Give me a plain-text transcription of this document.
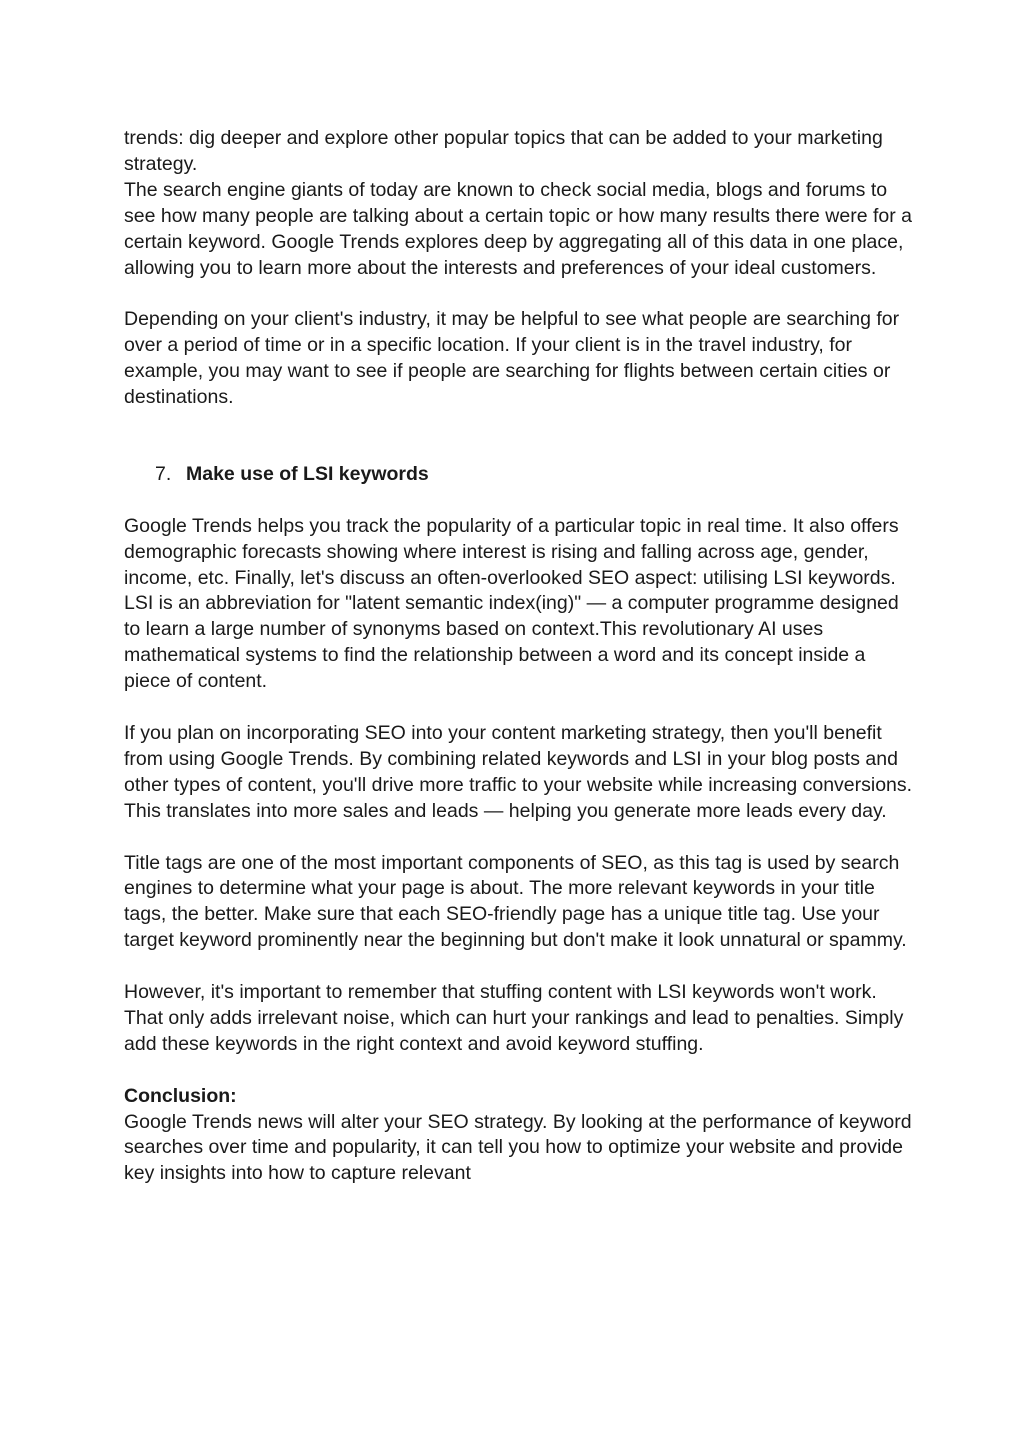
trends: dig deeper and explore other popular topics that can be added to your marketing strategy.

The search engine giants of today are known to check social media, blogs and forums to see how many people are talking about a certain topic or how many results there were for a certain keyword. Google Trends explores deep by aggregating all of this data in one place, allowing you to learn more about the interests and preferences of your ideal customers.

Depending on your client's industry, it may be helpful to see what people are searching for over a period of time or in a specific location. If your client is in the travel industry, for example, you may want to see if people are searching for flights between certain cities or destinations.

7. Make use of LSI keywords

Google Trends helps you track the popularity of a particular topic in real time. It also offers demographic forecasts showing where interest is rising and falling across age, gender, income, etc. Finally, let's discuss an often-overlooked SEO aspect: utilising LSI keywords. LSI is an abbreviation for "latent semantic index(ing)" — a computer programme designed to learn a large number of synonyms based on context.This revolutionary AI uses mathematical systems to find the relationship between a word and its concept inside a piece of content.

If you plan on incorporating SEO into your content marketing strategy, then you'll benefit from using Google Trends. By combining related keywords and LSI in your blog posts and other types of content, you'll drive more traffic to your website while increasing conversions. This translates into more sales and leads — helping you generate more leads every day.

Title tags are one of the most important components of SEO, as this tag is used by search engines to determine what your page is about. The more relevant keywords in your title tags, the better. Make sure that each SEO-friendly page has a unique title tag. Use your target keyword prominently near the beginning but don't make it look unnatural or spammy.

However, it's important to remember that stuffing content with LSI keywords won't work. That only adds irrelevant noise, which can hurt your rankings and lead to penalties. Simply add these keywords in the right context and avoid keyword stuffing.

Conclusion:

Google Trends news will alter your SEO strategy. By looking at the performance of keyword searches over time and popularity, it can tell you how to optimize your website and provide key insights into how to capture relevant
